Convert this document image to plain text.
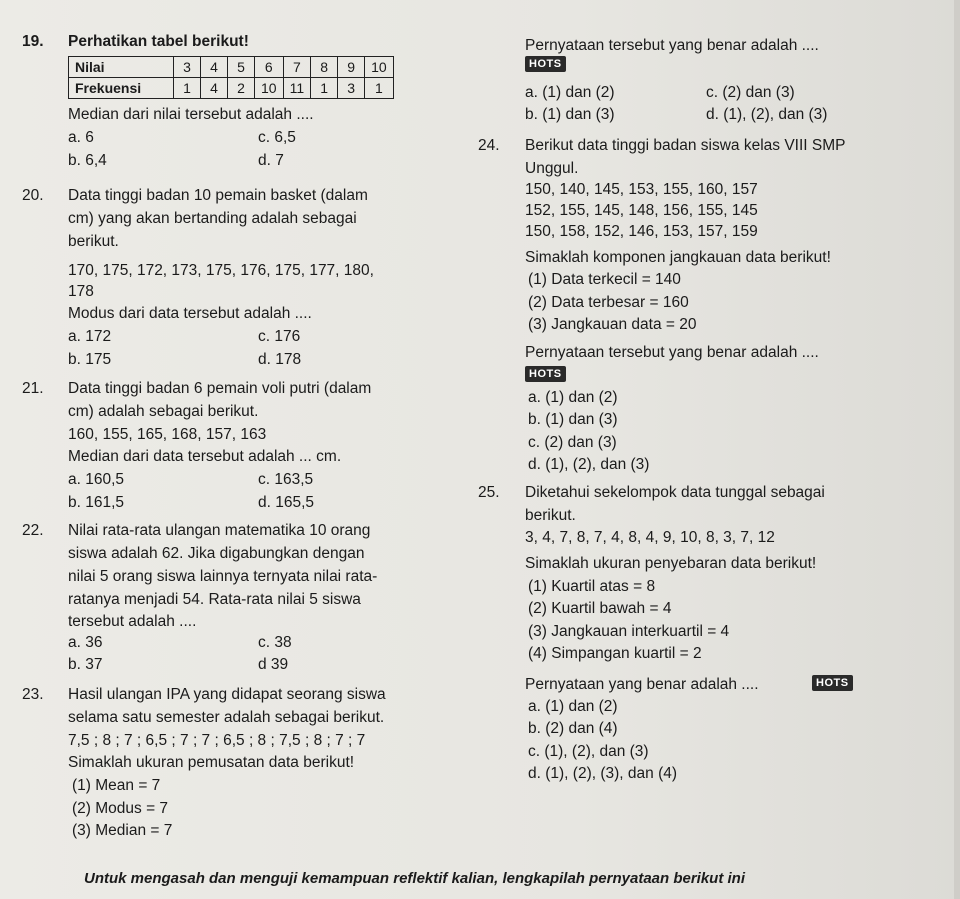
19. Perhatikan tabel berikut!
Nilai	3	4	5	6	7	8	9	10
Frekuensi	1	4	2	10	11	1	3	1
Median dari nilai tersebut adalah ....
a. 6	c. 6,5
b. 6,4	d. 7
20. Data tinggi badan 10 pemain basket (dalam
cm) yang akan bertanding adalah sebagai
berikut.
170, 175, 172, 173, 175, 176, 175, 177, 180,
178
Modus dari data tersebut adalah ....
a. 172	c. 176
b. 175	d. 178
21. Data tinggi badan 6 pemain voli putri (dalam
cm) adalah sebagai berikut.
160, 155, 165, 168, 157, 163
Median dari data tersebut adalah ... cm.
a. 160,5	c. 163,5
b. 161,5	d. 165,5
22. Nilai rata-rata ulangan matematika 10 orang
siswa adalah 62. Jika digabungkan dengan
nilai 5 orang siswa lainnya ternyata nilai rata-
ratanya menjadi 54. Rata-rata nilai 5 siswa
tersebut adalah ....
a. 36	c. 38
b. 37	d 39
23. Hasil ulangan IPA yang didapat seorang siswa
selama satu semester adalah sebagai berikut.
7,5 ; 8 ; 7 ; 6,5 ; 7 ; 7 ; 6,5 ; 8 ; 7,5 ; 8 ; 7 ; 7
Simaklah ukuran pemusatan data berikut!
(1) Mean = 7
(2) Modus = 7
(3) Median = 7
Pernyataan tersebut yang benar adalah ....
HOTS
a. (1) dan (2)	c. (2) dan (3)
b. (1) dan (3)	d. (1), (2), dan (3)
24. Berikut data tinggi badan siswa kelas VIII SMP
Unggul.
150, 140, 145, 153, 155, 160, 157
152, 155, 145, 148, 156, 155, 145
150, 158, 152, 146, 153, 157, 159
Simaklah komponen jangkauan data berikut!
(1) Data terkecil = 140
(2) Data terbesar = 160
(3) Jangkauan data = 20
Pernyataan tersebut yang benar adalah ....
HOTS
a. (1) dan (2)
b. (1) dan (3)
c. (2) dan (3)
d. (1), (2), dan (3)
25. Diketahui sekelompok data tunggal sebagai
berikut.
3, 4, 7, 8, 7, 4, 8, 4, 9, 10, 8, 3, 7, 12
Simaklah ukuran penyebaran data berikut!
(1) Kuartil atas = 8
(2) Kuartil bawah = 4
(3) Jangkauan interkuartil = 4
(4) Simpangan kuartil = 2
Pernyataan yang benar adalah ....	HOTS
a. (1) dan (2)
b. (2) dan (4)
c. (1), (2), dan (3)
d. (1), (2), (3), dan (4)
Untuk mengasah dan menguji kemampuan reflektif kalian, lengkapilah pernyataan berikut ini
